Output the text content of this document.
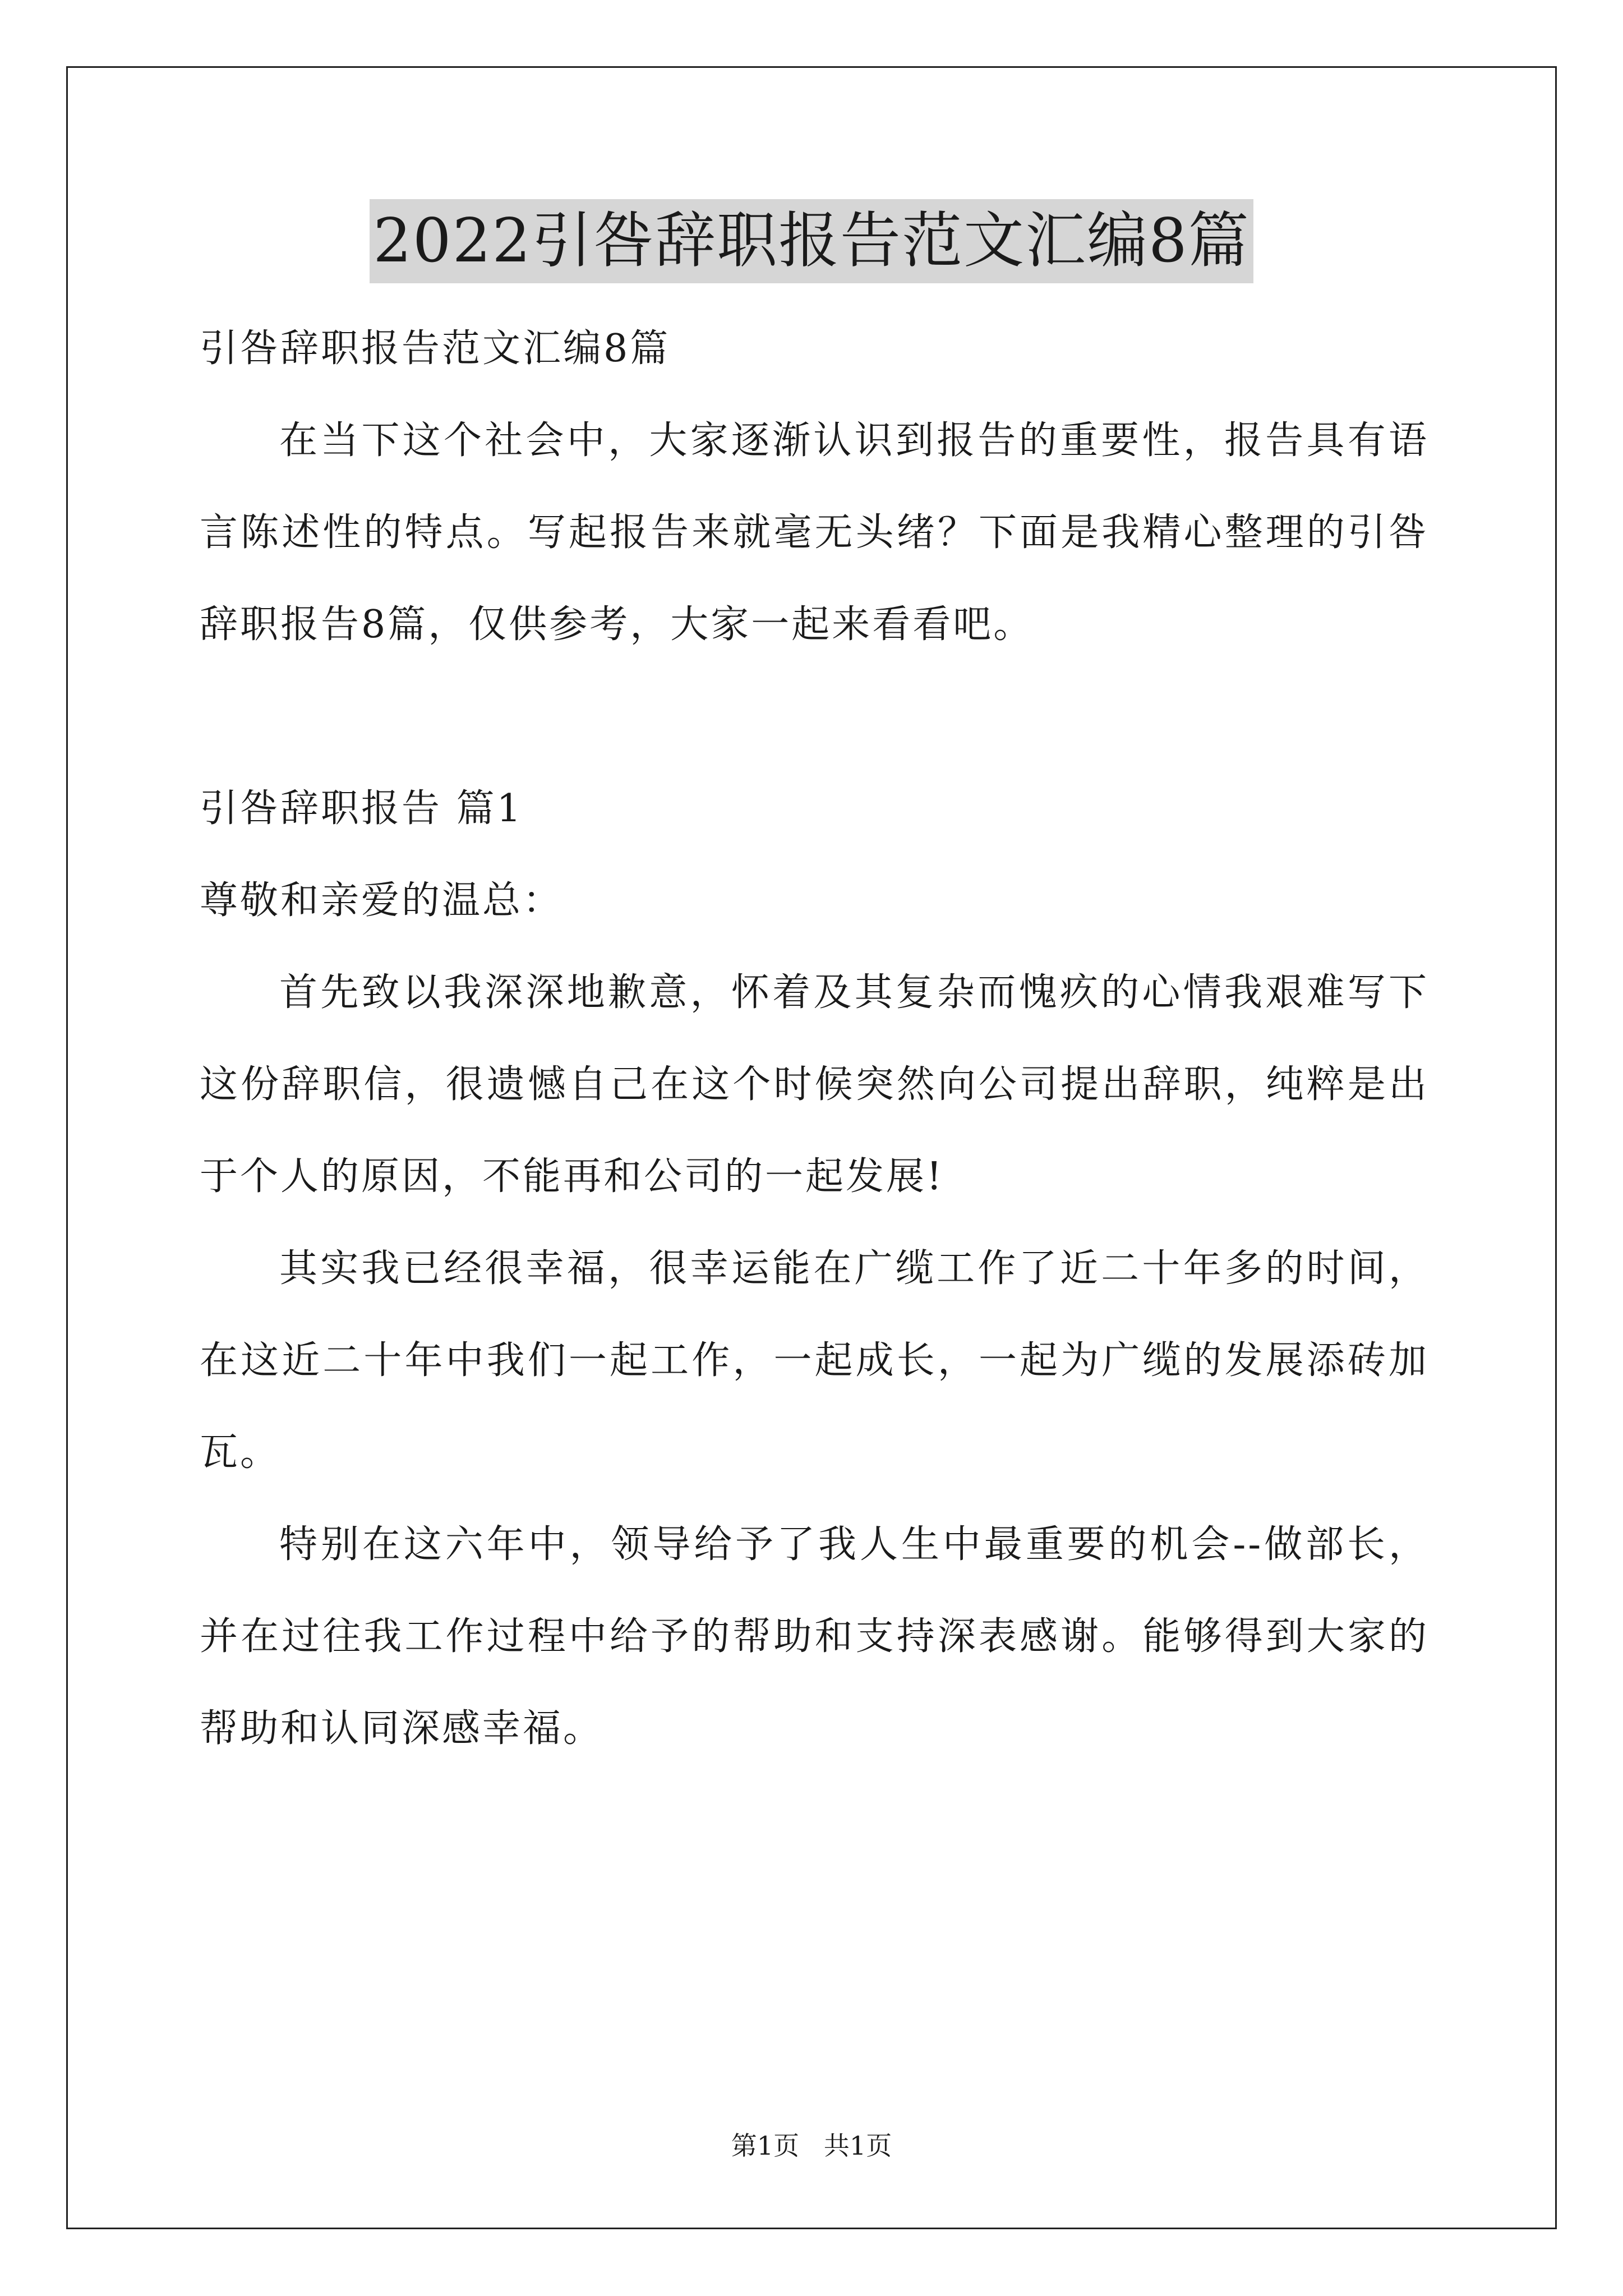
2022引咎辞职报告范文汇编8篇

引咎辞职报告范文汇编8篇

在当下这个社会中，大家逐渐认识到报告的重要性，报告具有语言陈述性的特点。写起报告来就毫无头绪？下面是我精心整理的引咎辞职报告8篇，仅供参考，大家一起来看看吧。

引咎辞职报告 篇1

尊敬和亲爱的温总：

首先致以我深深地歉意，怀着及其复杂而愧疚的心情我艰难写下这份辞职信，很遗憾自己在这个时候突然向公司提出辞职，纯粹是出于个人的原因，不能再和公司的一起发展!

其实我已经很幸福，很幸运能在广缆工作了近二十年多的时间，在这近二十年中我们一起工作，一起成长，一起为广缆的发展添砖加瓦。

特别在这六年中，领导给予了我人生中最重要的机会--做部长，并在过往我工作过程中给予的帮助和支持深表感谢。能够得到大家的帮助和认同深感幸福。

第1页   共1页
